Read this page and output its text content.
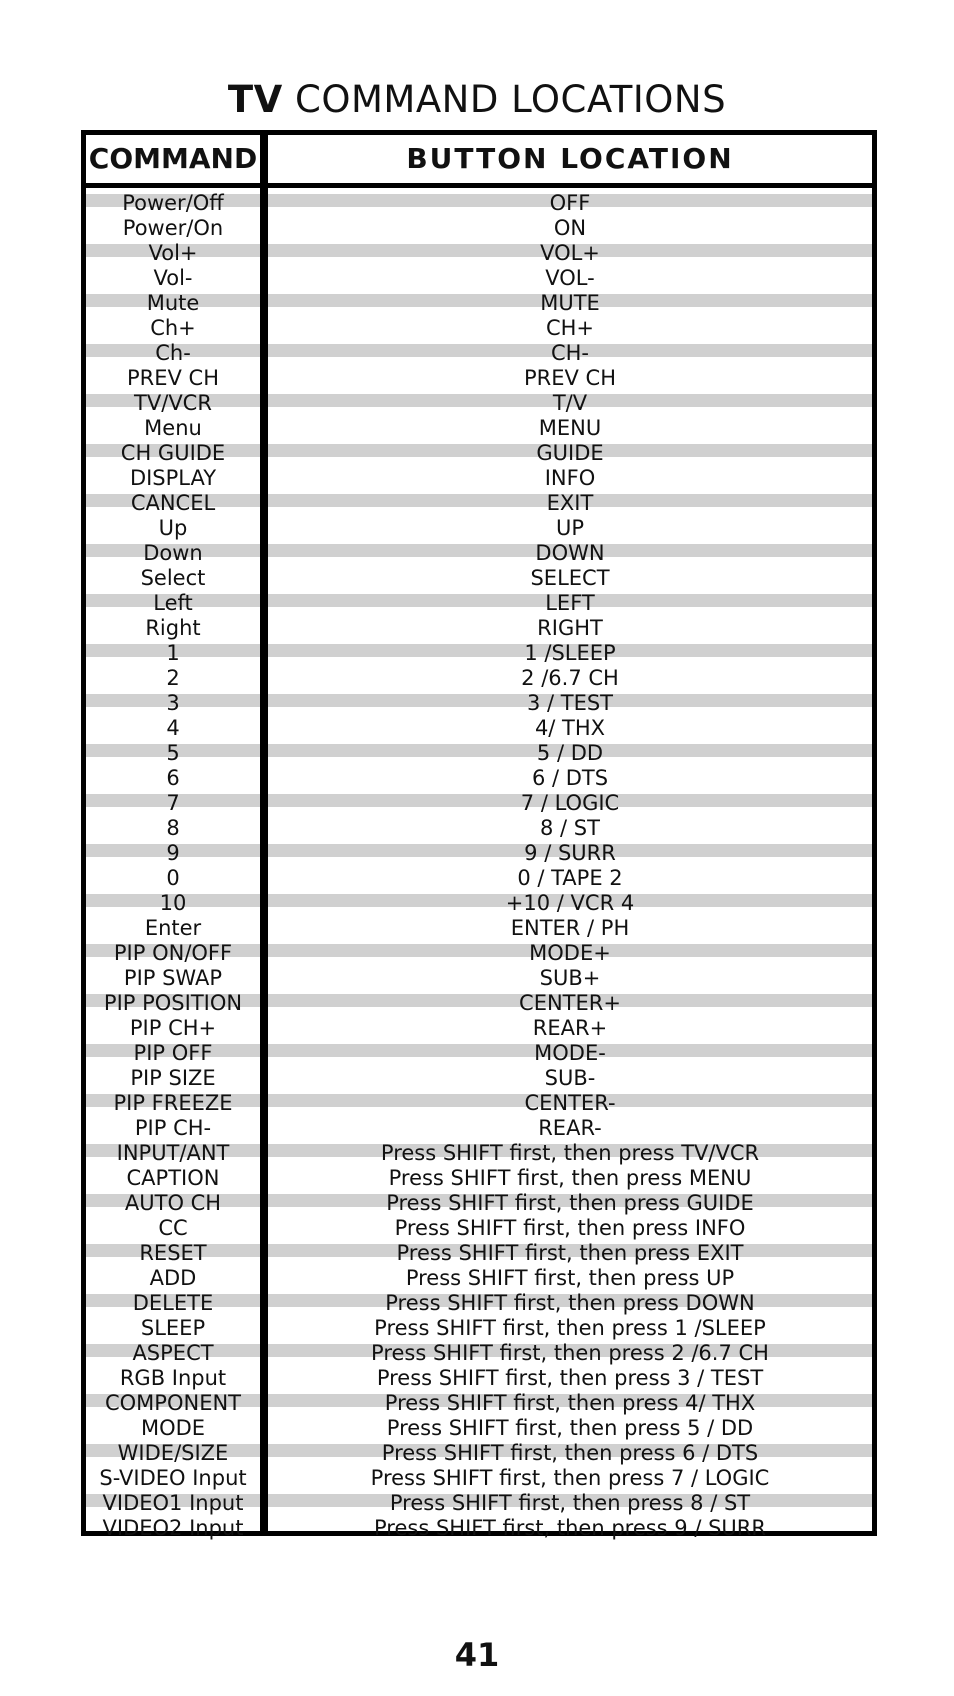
TV COMMAND LOCATIONS
COMMAND	BUTTON LOCATION
Power/Off	OFF
Power/On	ON
Vol+	VOL+
Vol-	VOL-
Mute	MUTE
Ch+	CH+
Ch-	CH-
PREV CH	PREV CH
TV/VCR	T/V
Menu	MENU
CH GUIDE	GUIDE
DISPLAY	INFO
CANCEL	EXIT
Up	UP
Down	DOWN
Select	SELECT
Left	LEFT
Right	RIGHT
1	1 /SLEEP
2	2 /6.7 CH
3	3 / TEST
4	4/ THX
5	5 / DD
6	6 / DTS
7	7 / LOGIC
8	8 / ST
9	9 / SURR
0	0 / TAPE 2
10	+10 / VCR 4
Enter	ENTER / PH
PIP ON/OFF	MODE+
PIP SWAP	SUB+
PIP POSITION	CENTER+
PIP CH+	REAR+
PIP OFF	MODE-
PIP SIZE	SUB-
PIP FREEZE	CENTER-
PIP CH-	REAR-
INPUT/ANT	Press SHIFT first, then press TV/VCR
CAPTION	Press SHIFT first, then press MENU
AUTO CH	Press SHIFT first, then press GUIDE
CC	Press SHIFT first, then press INFO
RESET	Press SHIFT first, then press EXIT
ADD	Press SHIFT first, then press UP
DELETE	Press SHIFT first, then press DOWN
SLEEP	Press SHIFT first, then press 1 /SLEEP
ASPECT	Press SHIFT first, then press 2 /6.7 CH
RGB Input	Press SHIFT first, then press 3 / TEST
COMPONENT	Press SHIFT first, then press 4/ THX
MODE	Press SHIFT first, then press 5 / DD
WIDE/SIZE	Press SHIFT first, then press 6 / DTS
S-VIDEO Input	Press SHIFT first, then press 7 / LOGIC
VIDEO1 Input	Press SHIFT first, then press 8 / ST
VIDEO2 Input	Press SHIFT first, then press 9 / SURR
41
